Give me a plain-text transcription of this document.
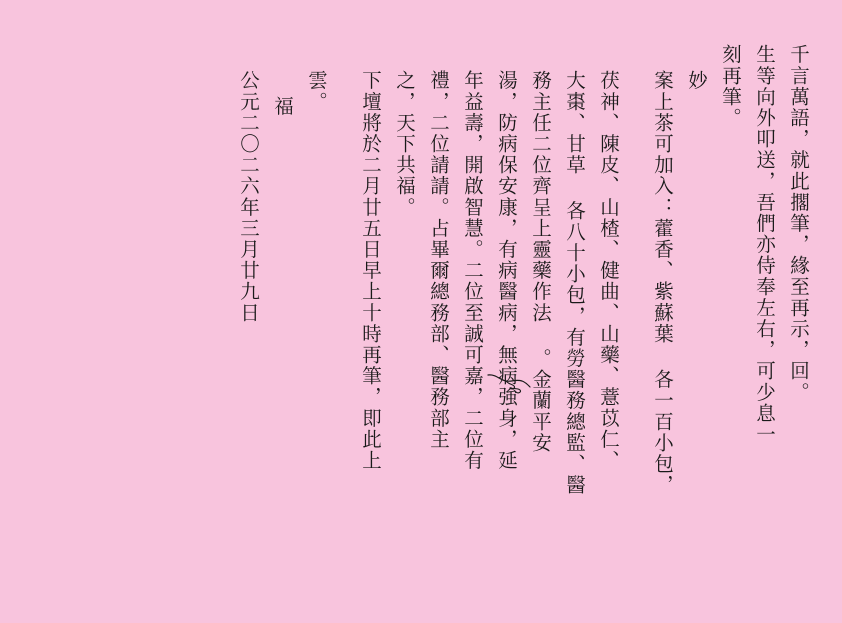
千言萬語，就此擱筆，緣至再示，回。
生等向外叩送，吾們亦侍奉左右，可少息一
刻再筆。
妙
案上茶可加入：藿香、紫蘇葉 各一百小包，
茯神、陳皮、山楂、健曲、山藥、薏苡仁、
大棗、甘草 各八十小包，有勞醫務總監、醫
務主任二位齊呈上靈藥作法 。金蘭平安
湯，防病保安康，有病醫病，無病強身，延
年益壽，開啟智慧。二位至誠可嘉，二位有
禮，二位請請。占畢爾總務部、醫務部主
之，天下共福。
下壇將於二月廿五日早上十時再筆，即此上
雲。
福
公元二〇二六年三月廿九日
